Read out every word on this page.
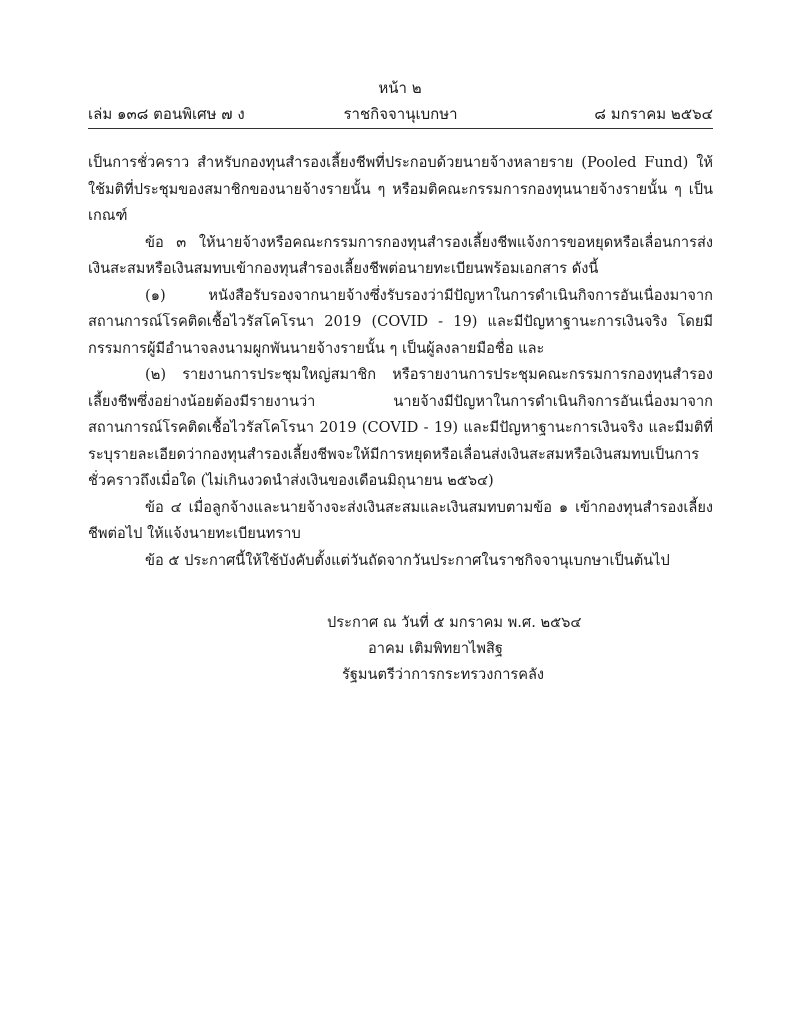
หน้า ๒
เล่ม ๑๓๘ ตอนพิเศษ ๗ ง	ราชกิจจานุเบกษา	๘ มกราคม ๒๕๖๔

เป็นการชั่วคราว สำหรับกองทุนสำรองเลี้ยงชีพที่ประกอบด้วยนายจ้างหลายราย (Pooled Fund) ให้ใช้มติที่ประชุมของสมาชิกของนายจ้างรายนั้น ๆ หรือมติคณะกรรมการกองทุนนายจ้างรายนั้น ๆ เป็นเกณฑ์

ข้อ ๓ ให้นายจ้างหรือคณะกรรมการกองทุนสำรองเลี้ยงชีพแจ้งการขอหยุดหรือเลื่อนการส่งเงินสะสมหรือเงินสมทบเข้ากองทุนสำรองเลี้ยงชีพต่อนายทะเบียนพร้อมเอกสาร ดังนี้

(๑) หนังสือรับรองจากนายจ้างซึ่งรับรองว่ามีปัญหาในการดำเนินกิจการอันเนื่องมาจากสถานการณ์โรคติดเชื้อไวรัสโคโรนา 2019 (COVID - 19) และมีปัญหาฐานะการเงินจริง โดยมีกรรมการผู้มีอำนาจลงนามผูกพันนายจ้างรายนั้น ๆ เป็นผู้ลงลายมือชื่อ และ

(๒) รายงานการประชุมใหญ่สมาชิก หรือรายงานการประชุมคณะกรรมการกองทุนสำรองเลี้ยงชีพซึ่งอย่างน้อยต้องมีรายงานว่า นายจ้างมีปัญหาในการดำเนินกิจการอันเนื่องมาจากสถานการณ์โรคติดเชื้อไวรัสโคโรนา 2019 (COVID - 19) และมีปัญหาฐานะการเงินจริง และมีมติที่ระบุรายละเอียดว่ากองทุนสำรองเลี้ยงชีพจะให้มีการหยุดหรือเลื่อนส่งเงินสะสมหรือเงินสมทบเป็นการชั่วคราวถึงเมื่อใด (ไม่เกินงวดนำส่งเงินของเดือนมิถุนายน ๒๕๖๔)

ข้อ ๔ เมื่อลูกจ้างและนายจ้างจะส่งเงินสะสมและเงินสมทบตามข้อ ๑ เข้ากองทุนสำรองเลี้ยงชีพต่อไป ให้แจ้งนายทะเบียนทราบ

ข้อ ๕ ประกาศนี้ให้ใช้บังคับตั้งแต่วันถัดจากวันประกาศในราชกิจจานุเบกษาเป็นต้นไป

ประกาศ ณ วันที่ ๕ มกราคม พ.ศ. ๒๕๖๔
อาคม เติมพิทยาไพสิฐ
รัฐมนตรีว่าการกระทรวงการคลัง
